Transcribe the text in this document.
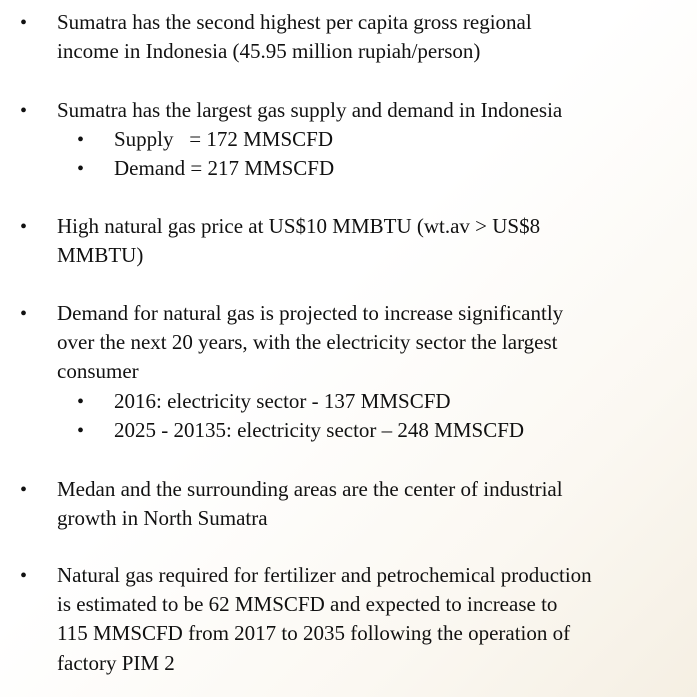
• Sumatra has the second highest per capita gross regional
income in Indonesia (45.95 million rupiah/person)
• Sumatra has the largest gas supply and demand in Indonesia
• Supply   = 172 MMSCFD
• Demand = 217 MMSCFD
• High natural gas price at US$10 MMBTU (wt.av > US$8
MMBTU)
• Demand for natural gas is projected to increase significantly
over the next 20 years, with the electricity sector the largest
consumer
• 2016: electricity sector - 137 MMSCFD
• 2025 - 20135: electricity sector – 248 MMSCFD
• Medan and the surrounding areas are the center of industrial
growth in North Sumatra
• Natural gas required for fertilizer and petrochemical production
is estimated to be 62 MMSCFD and expected to increase to
115 MMSCFD from 2017 to 2035 following the operation of
factory PIM 2
